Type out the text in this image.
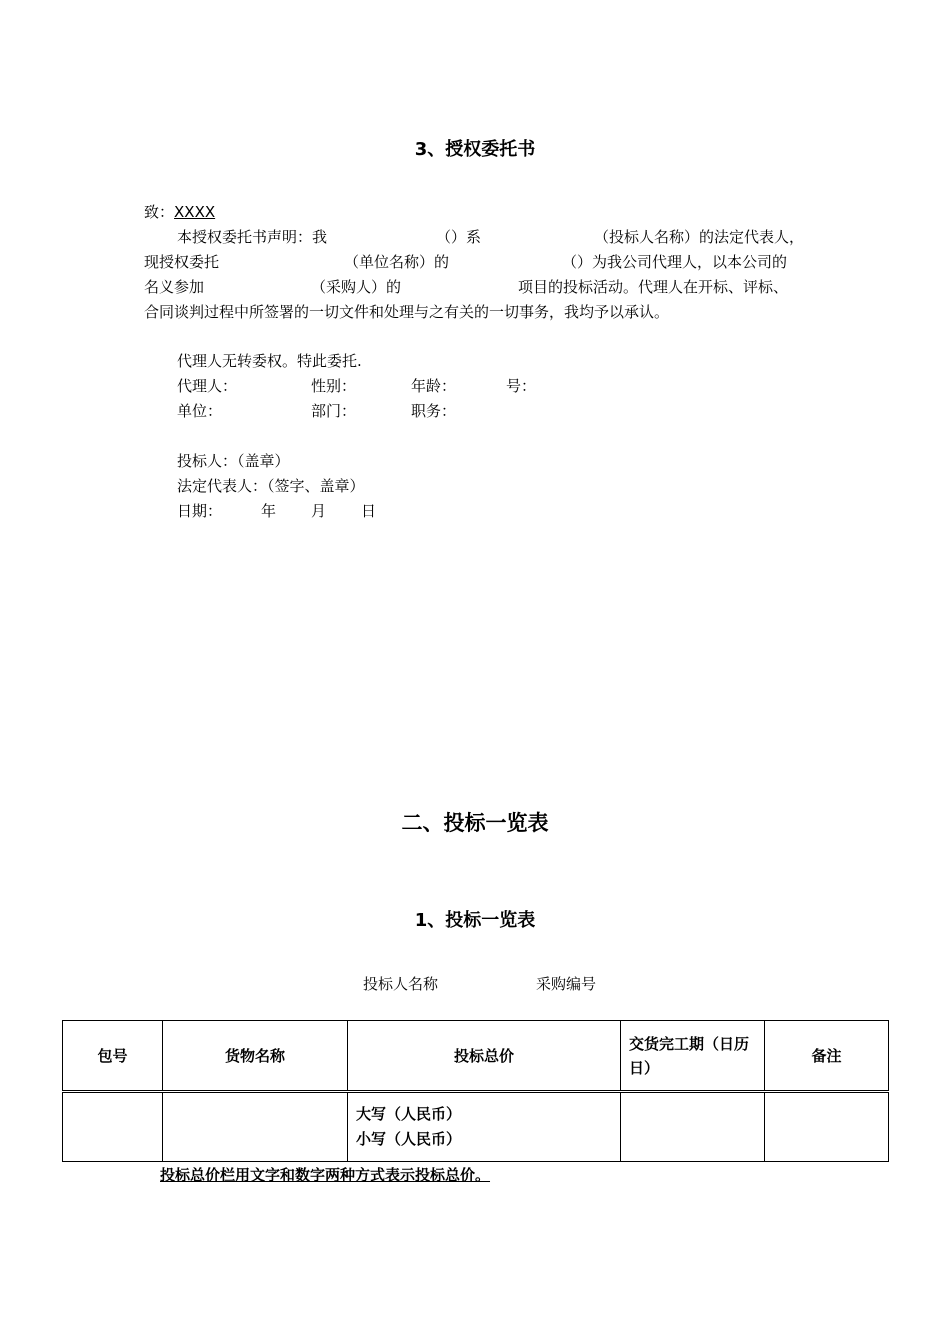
3、授权委托书
致：XXXX
本授权委托书声明：我	（）系	（投标人名称）的法定代表人，
现授权委托	（单位名称）的	（）为我公司代理人，以本公司的
名义参加	（采购人）的	项目的投标活动。代理人在开标、评标、
合同谈判过程中所签署的一切文件和处理与之有关的一切事务，我均予以承认。
代理人无转委权。特此委托.
代理人：	性别：	年龄：	号：
单位：	部门：	职务：
投标人：（盖章）
法定代表人：（签字、盖章）
日期：	年 月 日
二、投标一览表
1、投标一览表
投标人名称	采购编号
包号	货物名称	投标总价	交货完工期（日历日）	备注

		大写（人民币）
小写（人民币）		

投标总价栏用文字和数字两种方式表示投标总价。
